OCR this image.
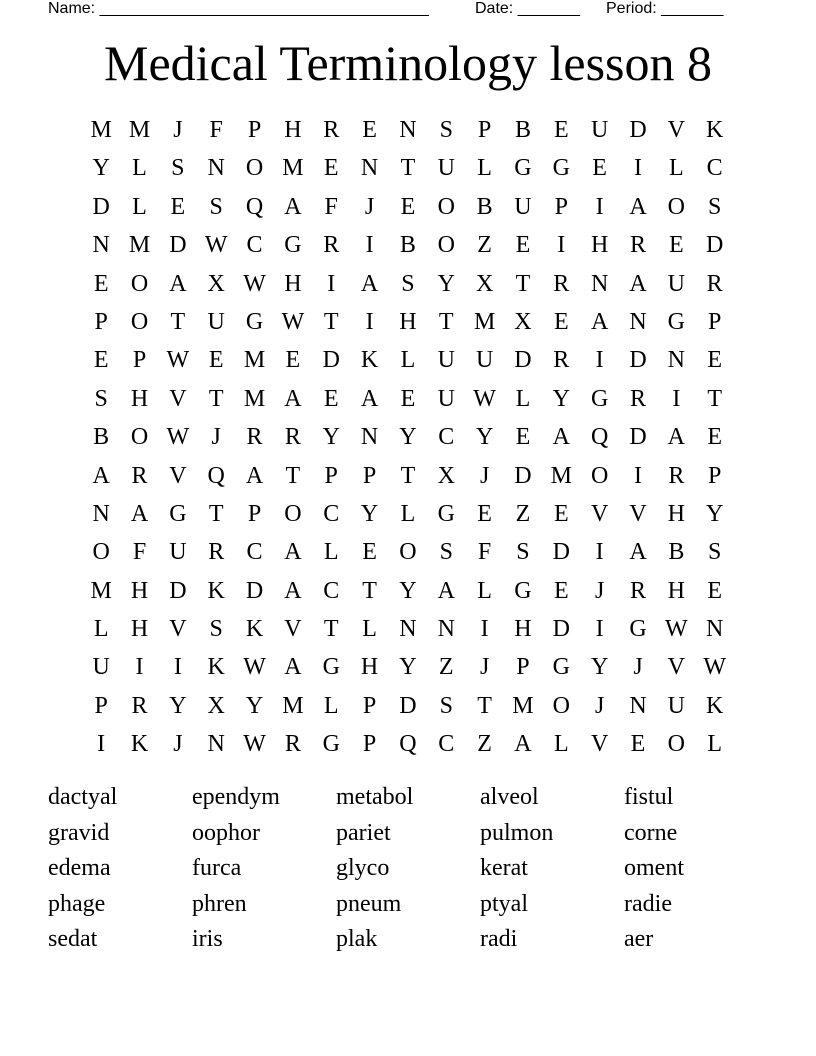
Name: _____________________________________	Date: _______ Period: _______
Medical Terminology lesson 8
M M J	F	P H R E N S	P B E U D V K
Y L	S N O M E N T U L G G E	I	L C
D L E	S Q A F	J	E O B U P	I	A O S
N M D W C G R	I	B O Z E	I	H R E D
E O A X W H	I	A S Y X T R N A U R
P O T U G W T	I	H T M X E A N G P
E	P W E M E D K L U U D R	I	D N E
S H V T M A E A E U W L Y G R	I	T
B O W J	R R Y N Y C Y E A Q D A E
A R V Q A T	P	P	T X	J	D M O	I	R P
N A G T	P O C Y L G E Z E V V H Y
O F U R C A L E O S	F	S D	I	A B S
M H D K D A C T Y A L G E	J	R H E
L H V S K V T L N N	I	H D	I	G W N
U	I	I	K W A G H Y Z	J	P G Y	J	V W
P R Y X Y M L	P D S	T M O	J	N U K
I	K	J	N W R G P Q C Z A L V E O L
dactyal	ependym	metabol	alveol	fistul
gravid	oophor	pariet	pulmon	corne
edema	furca	glyco	kerat	oment
phage	phren	pneum	ptyal	radie
sedat	iris	plak	radi	aer
